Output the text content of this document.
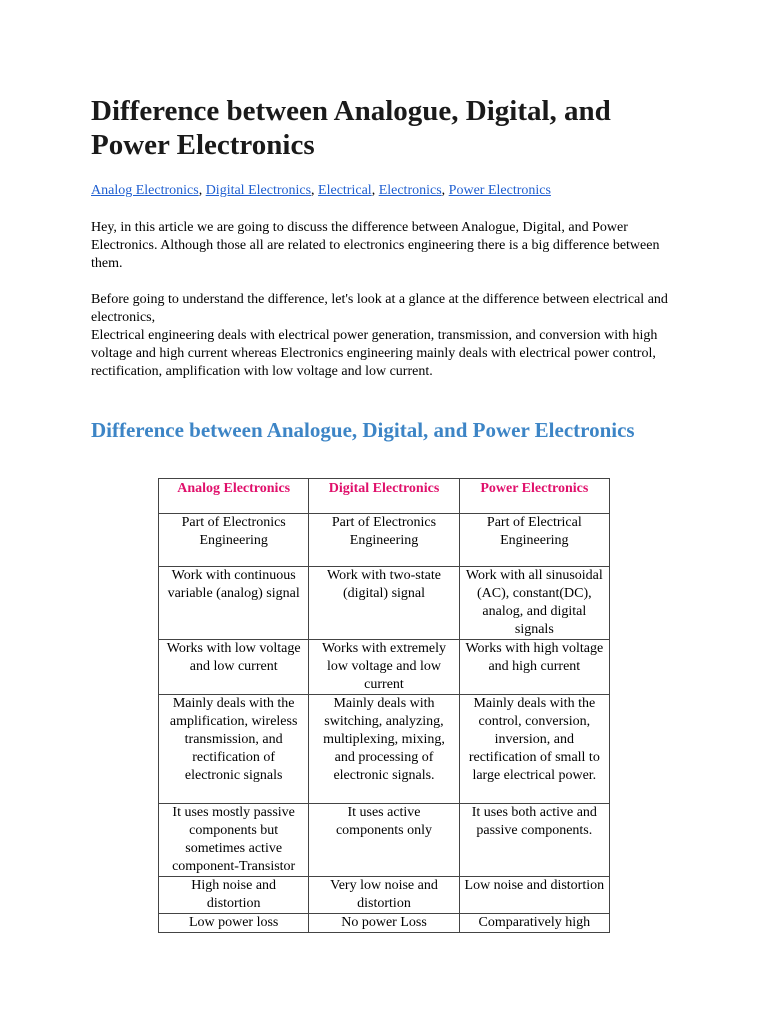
Difference between Analogue, Digital, and Power Electronics
Analog Electronics, Digital Electronics, Electrical, Electronics, Power Electronics

Hey, in this article we are going to discuss the difference between Analogue, Digital, and Power Electronics. Although those all are related to electronics engineering there is a big difference between them.

Before going to understand the difference, let's look at a glance at the difference between electrical and electronics,

Electrical engineering deals with electrical power generation, transmission, and conversion with high voltage and high current whereas Electronics engineering mainly deals with electrical power control, rectification, amplification with low voltage and low current.

Difference between Analogue, Digital, and Power Electronics
Analog Electronics	Digital Electronics	Power Electronics
Part of Electronics Engineering	Part of Electronics Engineering	Part of Electrical Engineering
Work with continuous variable (analog) signal	Work with two-state (digital) signal	Work with all sinusoidal (AC), constant(DC), analog, and digital signals
Works with low voltage and low current	Works with extremely low voltage and low current	Works with high voltage and high current
Mainly deals with the amplification, wireless transmission, and rectification of electronic signals	Mainly deals with switching, analyzing, multiplexing, mixing, and processing of electronic signals.	Mainly deals with the control, conversion, inversion, and rectification of small to large electrical power.
It uses mostly passive components but sometimes active component-Transistor	It uses active components only	It uses both active and passive components.
High noise and distortion	Very low noise and distortion	Low noise and distortion
Low power loss	No power Loss	Comparatively high
